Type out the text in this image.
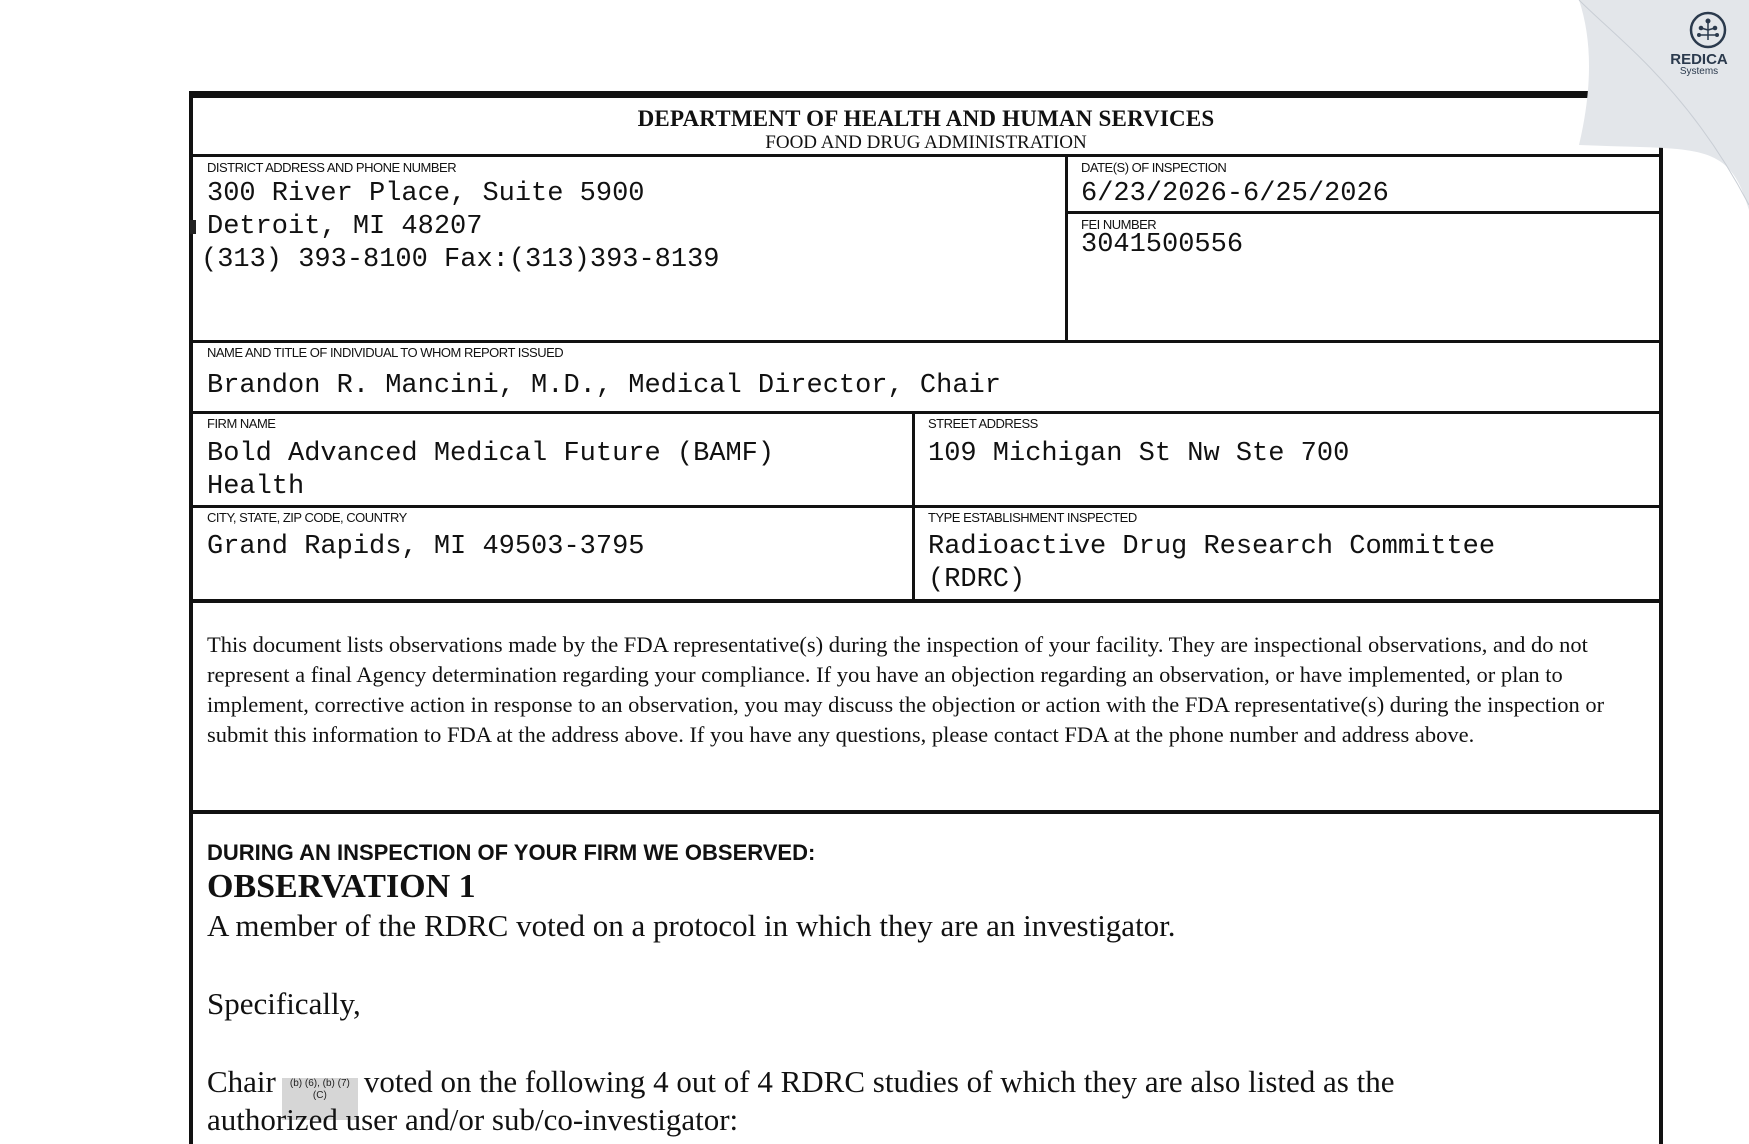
DEPARTMENT OF HEALTH AND HUMAN SERVICES
FOOD AND DRUG ADMINISTRATION
DISTRICT ADDRESS AND PHONE NUMBER
300 River Place, Suite 5900
Detroit, MI 48207
(313) 393-8100 Fax:(313)393-8139
DATE(S) OF INSPECTION
6/23/2026-6/25/2026
FEI NUMBER
3041500556
NAME AND TITLE OF INDIVIDUAL TO WHOM REPORT ISSUED
Brandon R. Mancini, M.D., Medical Director, Chair
FIRM NAME
Bold Advanced Medical Future (BAMF)
Health
STREET ADDRESS
109 Michigan St Nw Ste 700
CITY, STATE, ZIP CODE, COUNTRY
Grand Rapids, MI 49503-3795
TYPE ESTABLISHMENT INSPECTED
Radioactive Drug Research Committee
(RDRC)
This document lists observations made by the FDA representative(s) during the inspection of your facility. They are inspectional observations, and do not represent a final Agency determination regarding your compliance. If you have an objection regarding an observation, or have implemented, or plan to implement, corrective action in response to an observation, you may discuss the objection or action with the FDA representative(s) during the inspection or submit this information to FDA at the address above. If you have any questions, please contact FDA at the phone number and address above.
DURING AN INSPECTION OF YOUR FIRM WE OBSERVED:
OBSERVATION 1
A member of the RDRC voted on a protocol in which they are an investigator.
Specifically,
Chair (b) (6), (b) (7)
(C) voted on the following 4 out of 4 RDRC studies of which they are also listed as the
authorized user and/or sub/co-investigator:
REDICA
Systems
